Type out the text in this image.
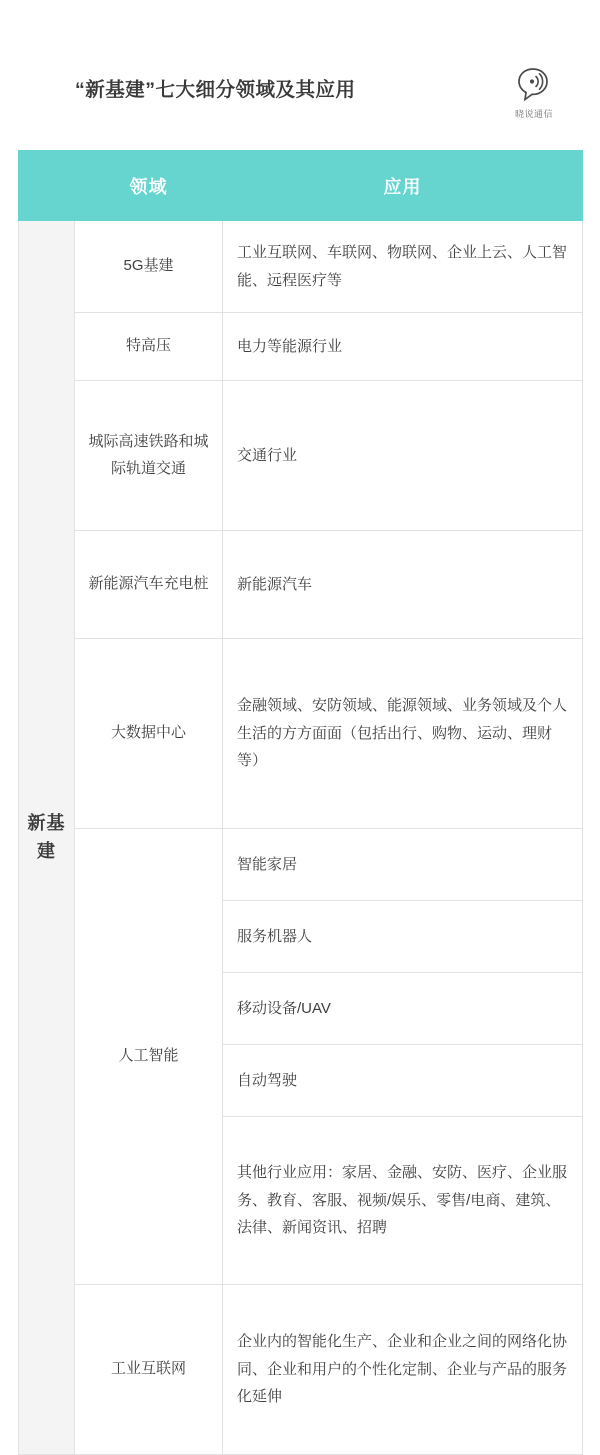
“新基建”七大细分领域及其应用
晓说通信
	领域	应用
新基建	5G基建	工业互联网、车联网、物联网、企业上云、人工智能、远程医疗等
	特高压	电力等能源行业
	城际高速铁路和城际轨道交通	交通行业
	新能源汽车充电桩	新能源汽车
	大数据中心	金融领域、安防领域、能源领域、业务领域及个人生活的方方面面（包括出行、购物、运动、理财等）
	人工智能	智能家居
		服务机器人
		移动设备/UAV
		自动驾驶
		其他行业应用：家居、金融、安防、医疗、企业服务、教育、客服、视频/娱乐、零售/电商、建筑、法律、新闻资讯、招聘
	工业互联网	企业内的智能化生产、企业和企业之间的网络化协同、企业和用户的个性化定制、企业与产品的服务化延伸
